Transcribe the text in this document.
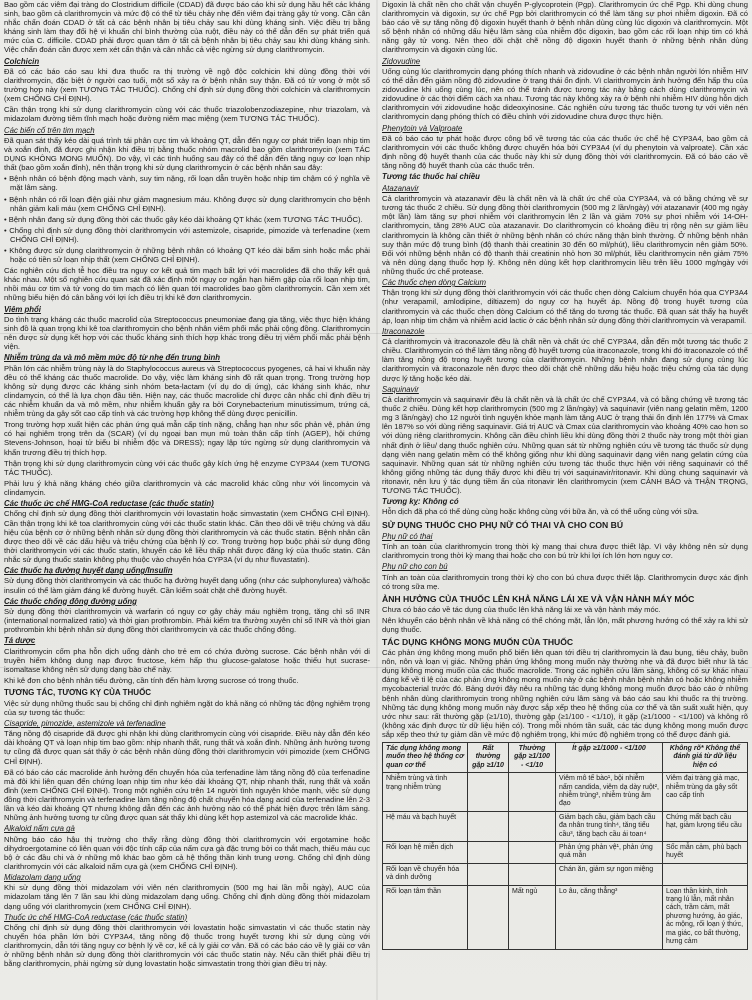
Bao gồm các viêm đại tràng do Clostridium difficile (CDAD) đã được báo cáo khi sử dụng hầu hết các kháng sinh, bao gồm cả clarithromycin và mức độ có thể từ tiêu chảy nhẹ đến viêm đại tràng gây tử vong. Cần cân nhắc chẩn đoán CDAD ở tất cả các bệnh nhân bị tiêu chảy sau khi dùng kháng sinh. Việc điều trị bằng kháng sinh làm thay đổi hệ vi khuẩn chí bình thường của ruột, điều này có thể dẫn đến sự phát triển quá mức của C. difficile. CDAD phải được quan tâm ở tất cả bệnh nhân bị tiêu chảy sau khi dùng kháng sinh. Việc chẩn đoán cần được xem xét cẩn thận và cân nhắc cả việc ngừng sử dụng clarithromycin.

Colchicin

Đã có các báo cáo sau khi đưa thuốc ra thị trường về ngộ độc colchicin khi dùng đồng thời với clarithromycin, đặc biệt ở người cao tuổi, một số xảy ra ở bệnh nhân suy thận. Đã có tử vong ở một số trường hợp này (xem TƯƠNG TÁC THUỐC). Chống chỉ định sử dụng đồng thời colchicin và clarithromycin (xem CHỐNG CHỈ ĐỊNH).

Cần thận trọng khi sử dụng clarithromycin cùng với các thuốc triazolobenzodiazepine, như triazolam, và midazolam đường tiêm tĩnh mạch hoặc đường niêm mạc miệng (xem TƯƠNG TÁC THUỐC).

Các biến cố trên tim mạch

Đã quan sát thấy kéo dài quá trình tái phân cực tim và khoảng QT, dẫn đến nguy cơ phát triển loạn nhịp tim và xoắn đỉnh, đã được ghi nhận khi điều trị bằng thuốc nhóm macrolid bao gồm clarithromycin (xem TÁC DỤNG KHÔNG MONG MUỐN). Do vậy, vì các tình huống sau đây có thể dẫn đến tăng nguy cơ loạn nhịp thất (bao gồm xoắn đỉnh), nên thận trọng khi sử dụng clarithromycin ở các bệnh nhân sau đây:

• Bệnh nhân có bệnh động mạch vành, suy tim nặng, rối loạn dẫn truyền hoặc nhịp tim chậm có ý nghĩa về mặt lâm sàng.

• Bệnh nhân có rối loạn điện giải như giảm magnesium máu. Không được sử dụng clarithromycin cho bệnh nhân giảm kali máu (xem CHỐNG CHỈ ĐỊNH).

• Bệnh nhân đang sử dụng đồng thời các thuốc gây kéo dài khoảng QT khác (xem TƯƠNG TÁC THUỐC).

• Chống chỉ định sử dụng đồng thời clarithromycin với astemizole, cisapride, pimozide và terfenadine (xem CHỐNG CHỈ ĐỊNH).

• Không được sử dụng clarithromycin ở những bệnh nhân có khoảng QT kéo dài bẩm sinh hoặc mắc phải hoặc có tiền sử loạn nhịp thất (xem CHỐNG CHỈ ĐỊNH).

Các nghiên cứu dịch tễ học điều tra nguy cơ kết quả tim mạch bất lợi với macrolides đã cho thấy kết quả khác nhau. Một số nghiên cứu quan sát đã xác định một nguy cơ ngắn hạn hiếm gặp của rối loạn nhịp tim, nhồi máu cơ tim và tử vong do tim mạch có liên quan tới macrolides bao gồm clarithromycin. Cần xem xét những biểu hiện đó cân bằng với lợi ích điều trị khi kê đơn clarithromycin.

Viêm phổi

Do tình trạng kháng các thuốc macrolid của Streptococcus pneumoniae đang gia tăng, việc thực hiện kháng sinh đồ là quan trọng khi kê toa clarithromycin cho bệnh nhân viêm phổi mắc phải cộng đồng. Clarithromycin nên được sử dụng kết hợp với các thuốc kháng sinh thích hợp khác trong điều trị viêm phổi mắc phải bệnh viện.

Nhiễm trùng da và mô mềm mức độ từ nhẹ đến trung bình

Phần lớn các nhiễm trùng này là do Staphylococcus aureus và Streptococcus pyogenes, cả hai vi khuẩn này đều có thể kháng các thuốc macrolide. Do vậy, việc làm kháng sinh đồ rất quan trọng. Trong trường hợp không sử dụng được các kháng sinh nhóm beta-lactam (ví dụ do dị ứng), các kháng sinh khác, như clindamycin, có thể là lựa chọn đầu tiên. Hiện nay, các thuốc macrolide chỉ được cân nhắc chỉ định điều trị các nhiễm khuẩn da và mô mềm, như nhiễm khuẩn gây ra bởi Corynebacterium minutissimum, trứng cá, nhiễm trùng da gây sốt cao cấp tính và các trường hợp không thể dùng được penicillin.

Trong trường hợp xuất hiện các phản ứng quá mẫn cấp tính nặng, chẳng hạn như sốc phản vệ, phản ứng có hại nghiêm trọng trên da (SCAR) (ví dụ ngoại ban mụn mủ toàn thân cấp tính (AGEP), hội chứng Stevens-Johnson, hoại tử biểu bì nhiễm độc và DRESS); ngay lập tức ngừng sử dụng clarithromycin và khẩn trương điều trị thích hợp.

Thận trọng khi sử dụng clarithromycin cùng với các thuốc gây kích ứng hệ enzyme CYP3A4 (xem TƯƠNG TÁC THUỐC).

Phải lưu ý khả năng kháng chéo giữa clarithromycin và các macrolid khác cũng như với lincomycin và clindamycin.

Các thuốc ức chế HMG-CoA reductase (các thuốc statin)

Chống chỉ định sử dụng đồng thời clarithromycin với lovastatin hoặc simvastatin (xem CHỐNG CHỈ ĐỊNH). Cần thận trọng khi kê toa clarithromycin cùng với các thuốc statin khác. Cần theo dõi về triệu chứng và dấu hiệu của bệnh cơ ở những bệnh nhân sử dụng đồng thời clarithromycin và các thuốc statin. Bệnh nhân cần được theo dõi về các dấu hiệu và triệu chứng của bệnh lý cơ. Trong trường hợp buộc phải sử dụng đồng thời clarithromycin với các thuốc statin, khuyến cáo kê liều thấp nhất được đăng ký của thuốc statin. Cân nhắc sử dụng thuốc statin không phụ thuộc vào chuyển hóa CYP3A (ví dụ như fluvastatin).

Các thuốc hạ đường huyết dạng uống/Insulin

Sử dụng đồng thời clarithromycin và các thuốc hạ đường huyết dạng uống (như các sulphonylurea) và/hoặc insulin có thể làm giảm đáng kể đường huyết. Cần kiểm soát chặt chẽ đường huyết.

Các thuốc chống đông đường uống

Sử dụng đồng thời clarithromycin và warfarin có nguy cơ gây chảy máu nghiêm trọng, tăng chỉ số INR (international normalized ratio) và thời gian prothrombin. Phải kiểm tra thường xuyên chỉ số INR và thời gian prothrombin khi bệnh nhân sử dụng đồng thời clarithromycin và các thuốc chống đông.

Tá dược

Clarithromycin cốm pha hỗn dịch uống dành cho trẻ em có chứa đường sucrose. Các bệnh nhân với di truyền hiếm không dung nạp được fructose, kém hấp thu glucose-galatose hoặc thiếu hụt sucrase-isomaltase không nên sử dụng dạng bào chế này.

Khi kê đơn cho bệnh nhân tiểu đường, cần tính đến hàm lượng sucrose có trong thuốc.

TƯƠNG TÁC, TƯƠNG KỴ CỦA THUỐC

Việc sử dụng những thuốc sau bị chống chỉ định nghiêm ngặt do khả năng có những tác động nghiêm trọng của sự tương tác thuốc:

Cisapride, pimozide, astemizole và terfenadine

Tăng nồng độ cisapride đã được ghi nhận khi dùng clarithromycin cùng với cisapride. Điều này dẫn đến kéo dài khoảng QT và loạn nhịp tim bao gồm: nhịp nhanh thất, rung thất và xoắn đỉnh. Những ảnh hưởng tương tự cũng đã được quan sát thấy ở các bệnh nhân dùng đồng thời clarithromycin với pimozide (xem CHỐNG CHỈ ĐỊNH).

Đã có báo cáo các macrolide ảnh hưởng đến chuyển hóa của terfenadine làm tăng nồng độ của terfenadine mà đôi khi liên quan đến chứng loạn nhịp tim như kéo dài khoảng QT, nhịp nhanh thất, rung thất và xoắn đỉnh (xem CHỐNG CHỈ ĐỊNH). Trong một nghiên cứu trên 14 người tình nguyện khỏe mạnh, việc sử dụng đồng thời clarithromycin và terfenadine làm tăng nồng độ chất chuyển hóa dạng acid của terfenadine lên 2-3 lần và kéo dài khoảng QT nhưng không dẫn đến các ảnh hưởng nào có thể phát hiện được trên lâm sàng. Những ảnh hưởng tương tự cũng được quan sát thấy khi dùng kết hợp astemizol và các macrolide khác.

Alkaloid nấm cựa gà

Những báo cáo hậu thị trường cho thấy rằng dùng đồng thời clarithromycin với ergotamine hoặc dihydroergotamine có liên quan với độc tính cấp của nấm cựa gà đặc trưng bởi co thắt mạch, thiếu máu cục bộ ở các đầu chi và ở những mô khác bao gồm cả hệ thống thần kinh trung ương. Chống chỉ định dùng clarithromycin với các alkaloid nấm cựa gà (xem CHỐNG CHỈ ĐỊNH).

Midazolam dạng uống

Khi sử dụng đồng thời midazolam với viên nén clarithromycin (500 mg hai lần mỗi ngày), AUC của midazolam tăng lên 7 lần sau khi dùng midazolam dạng uống. Chống chỉ định dùng đồng thời midazolam dạng uống với clarithromycin (xem CHỐNG CHỈ ĐỊNH).

Thuốc ức chế HMG-CoA reductase (các thuốc statin)

Chống chỉ định sử dụng đồng thời clarithromycin với lovastatin hoặc simvastatin vì các thuốc statin này chuyển hóa phần lớn bởi CYP3A4, tăng nồng độ thuốc trong huyết tương khi sử dụng cùng với clarithromycin, dẫn tới tăng nguy cơ bệnh lý về cơ, kể cả ly giải cơ vân. Đã có các báo cáo về ly giải cơ vân ở những bệnh nhân sử dụng đồng thời clarithromycin với các thuốc statin này. Nếu cần thiết phải điều trị bằng clarithromycin, phải ngừng sử dụng lovastatin hoặc simvastatin trong thời gian điều trị này.

Digoxin là chất nền cho chất vận chuyển P-glycoprotein (Pgp). Clarithromycin ức chế Pgp. Khi dùng chung clarithromycin và digoxin, sự ức chế Pgp bởi clarithromycin có thể làm tăng sự phơi nhiễm digoxin. Đã có báo cáo về sự tăng nồng độ digoxin huyết thanh ở bệnh nhân dùng cùng lúc digoxin và clarithromycin. Một số bệnh nhân có những dấu hiệu lâm sàng của nhiễm độc digoxin, bao gồm các rối loạn nhịp tim có khả năng gây tử vong. Nên theo dõi chặt chẽ nồng độ digoxin huyết thanh ở những bệnh nhân dùng clarithromycin và digoxin cùng lúc.

Zidovudine

Uống cùng lúc clarithromycin dạng phóng thích nhanh và zidovudine ở các bệnh nhân người lớn nhiễm HIV có thể dẫn đến giảm nồng độ zidovudine ở trạng thái ổn định. Vì clarithromycin ảnh hưởng đến hấp thu của zidovudine khi uống cùng lúc, nên có thể tránh được tương tác này bằng cách dùng clarithromycin và zidovudine ở các thời điểm cách xa nhau. Tương tác này không xảy ra ở bệnh nhi nhiễm HIV dùng hỗn dịch clarithromycin với zidovudine hoặc dideoxyinosine. Các nghiên cứu tương tác thuốc tương tự với viên nén clarithromycin dạng phóng thích có điều chỉnh với zidovudine chưa được thực hiện.

Phenytoin và Valproate

Đã có báo cáo tự phát hoặc được công bố về tương tác của các thuốc ức chế hệ CYP3A4, bao gồm cả clarithromycin với các thuốc không được chuyển hóa bởi CYP3A4 (ví dụ phenytoin và valproate). Cần xác định nồng độ huyết thanh của các thuốc này khi sử dụng đồng thời với clarithromycin. Đã có báo cáo về tăng nồng độ huyết thanh của các thuốc trên.

Tương tác thuốc hai chiều

Atazanavir

Cả clarithromycin và atazanavir đều là chất nền và là chất ức chế của CYP3A4, và có bằng chứng về sự tương tác thuốc 2 chiều. Sử dụng đồng thời clarithromycin (500 mg 2 lần/ngày) với atazanavir (400 mg ngày một lần) làm tăng sự phơi nhiễm với clarithromycin lên 2 lần và giảm 70% sự phơi nhiễm với 14-OH-clarithromycin, tăng 28% AUC của atazanavir. Do clarithromycin có khoảng điều trị rộng nên sự giảm liều clarithromycin là không cần thiết ở những bệnh nhân có chức năng thận bình thường. Ở những bệnh nhân suy thận mức độ trung bình (độ thanh thải creatinin 30 đến 60 ml/phút), liều clarithromycin nên giảm 50%. Đối với những bệnh nhân có độ thanh thải creatinin nhỏ hơn 30 ml/phút, liều clarithromycin nên giảm 75% và nên dùng dạng thuốc hợp lý. Không nên dùng kết hợp clarithromycin liều trên liều 1000 mg/ngày với những thuốc ức chế protease.

Các thuốc chẹn dòng Calcium

Thận trọng khi sử dụng đồng thời clarithromycin với các thuốc chẹn dòng Calcium chuyển hóa qua CYP3A4 (như verapamil, amlodipine, diltiazem) do nguy cơ hạ huyết áp. Nồng độ trong huyết tương của clarithromycin và các thuốc chẹn dòng Calcium có thể tăng do tương tác thuốc. Đã quan sát thấy hạ huyết áp, loạn nhịp tim chậm và nhiễm acid lactic ở các bệnh nhân sử dụng đồng thời clarithromycin và verapamil.

Itraconazole

Cả clarithromycin và itraconazole đều là chất nền và chất ức chế CYP3A4, dẫn đến một tương tác thuốc 2 chiều. Clarithromycin có thể làm tăng nồng độ huyết tương của itraconazole, trong khi đó itraconazole có thể làm tăng nồng độ trong huyết tương của clarithromycin. Những bệnh nhân đang sử dụng cùng lúc clarithromycin và itraconazole nên được theo dõi chặt chẽ những dấu hiệu hoặc triệu chứng của tác dụng dược lý tăng hoặc kéo dài.

Saquinavir

Cả clarithromycin và saquinavir đều là chất nền và là chất ức chế CYP3A4, và có bằng chứng về tương tác thuốc 2 chiều. Dùng kết hợp clarithromycin (500 mg 2 lần/ngày) và saquinavir (viên nang gelatin mềm, 1200 mg 3 lần/ngày) cho 12 người tình nguyện khỏe mạnh làm tăng AUC ở trạng thái ổn định lên 177% và Cmax lên 187% so với dùng riêng saquinavir. Giá trị AUC và Cmax của clarithromycin vào khoảng 40% cao hơn so với dùng riêng clarithromycin. Không cần điều chỉnh liều khi dùng đồng thời 2 thuốc này trong một thời gian nhất định ở liều/ dạng thuốc nghiên cứu. Những quan sát từ những nghiên cứu về tương tác thuốc sử dụng dạng viên nang gelatin mềm có thể không giống như khi dùng saquinavir dạng viên nang gelatin cứng của saquinavir. Những quan sát từ những nghiên cứu tương tác thuốc thực hiện với riêng saquinavir có thể không giống những tác dụng thấy được khi điều trị với saquinavir/ritonavir. Khi dùng chung saquinavir và ritonavir, nên lưu ý tác dụng tiềm ẩn của ritonavir lên clarithromycin (xem CẢNH BÁO và THẬN TRỌNG, TƯƠNG TÁC THUỐC).

Tương kỵ: Không có

Hỗn dịch đã pha có thể dùng cùng hoặc không cùng với bữa ăn, và có thể uống cùng với sữa.

SỬ DỤNG THUỐC CHO PHỤ NỮ CÓ THAI VÀ CHO CON BÚ

Phụ nữ có thai

Tính an toàn của clarithromycin trong thời kỳ mang thai chưa được thiết lập. Vì vậy không nên sử dụng clarithromycin trong thời kỳ mang thai hoặc cho con bú trừ khi lợi ích lớn hơn nguy cơ.

Phụ nữ cho con bú

Tính an toàn của clarithromycin trong thời kỳ cho con bú chưa được thiết lập. Clarithromycin được xác định có trong sữa mẹ.

ẢNH HƯỞNG CỦA THUỐC LÊN KHẢ NĂNG LÁI XE VÀ VẬN HÀNH MÁY MÓC

Chưa có báo cáo về tác dụng của thuốc lên khả năng lái xe và vận hành máy móc.

Nên khuyến cáo bệnh nhân về khả năng có thể chóng mặt, lẫn lộn, mất phương hướng có thể xảy ra khi sử dụng thuốc.

TÁC DỤNG KHÔNG MONG MUỐN CỦA THUỐC

Các phản ứng không mong muốn phổ biến liên quan tới điều trị clarithromycin là đau bụng, tiêu chảy, buồn nôn, nôn và loạn vị giác. Những phản ứng không mong muốn này thường nhẹ và đã được biết như là tác dụng không mong muốn của các thuốc macrolide. Trong các nghiên cứu lâm sàng, không có sự khác nhau đáng kể về tỉ lệ của các phản ứng không mong muốn này ở các bệnh nhân bệnh nhân có hoặc không nhiễm mycobacterial trước đó. Bảng dưới đây nêu ra những tác dụng không mong muốn được báo cáo ở những bệnh nhân dùng clarithromycin trong những nghiên cứu lâm sàng và báo cáo sau khi thuốc ra thị trường. Những tác dụng không mong muốn này được sắp xếp theo hệ thống của cơ thể và tần suất xuất hiện, quy ước như sau: rất thường gặp (≥1/10), thường gặp (≥1/100 - <1/10), ít gặp (≥1/1000 - <1/100) và không rõ (không xác định được từ dữ liệu hiện có). Trong mỗi nhóm tần suất, các tác dụng không mong muốn được sắp xếp theo thứ tự giảm dần về mức độ nghiêm trọng, khi mức độ nghiêm trọng có thể được đánh giá.

Tác dụng không mong muốn theo hệ thống cơ quan cơ thể	Rất thường gặp ≥1/10	Thường gặp ≥1/100 - <1/10	Ít gặp ≥1/1000 - <1/100	Không rõ* Không thể đánh giá từ dữ liệu hiện có
Nhiễm trùng và tình trạng nhiễm trùng			Viêm mô tế bào¹, bội nhiễm nấm candida, viêm dạ dày ruột², nhiễm trùng³, nhiễm trùng âm đạo	Viêm đại tràng giả mạc, nhiễm trùng da gây sốt cao cấp tính
Hệ máu và bạch huyết			Giảm bạch cầu, giảm bạch cầu đa nhân trung tính⁴, tăng tiểu cầu³, tăng bạch cầu ái toan⁴	Chứng mất bạch cầu hạt, giảm lượng tiểu cầu
Rối loạn hệ miễn dịch			Phản ứng phản vệ¹, phản ứng quá mẫn	Sốc mẫn cảm, phù bạch huyết
Rối loạn về chuyển hóa và dinh dưỡng			Chán ăn, giảm sự ngon miệng	
Rối loạn tâm thần		Mất ngủ	Lo âu, căng thẳng³	Loạn thần kinh, tình trạng lú lẫn, mất nhân cách, trầm cảm, mất phương hướng, ảo giác, ác mộng, rối loạn ý thức, ma giác, co bất thường, hưng cảm
